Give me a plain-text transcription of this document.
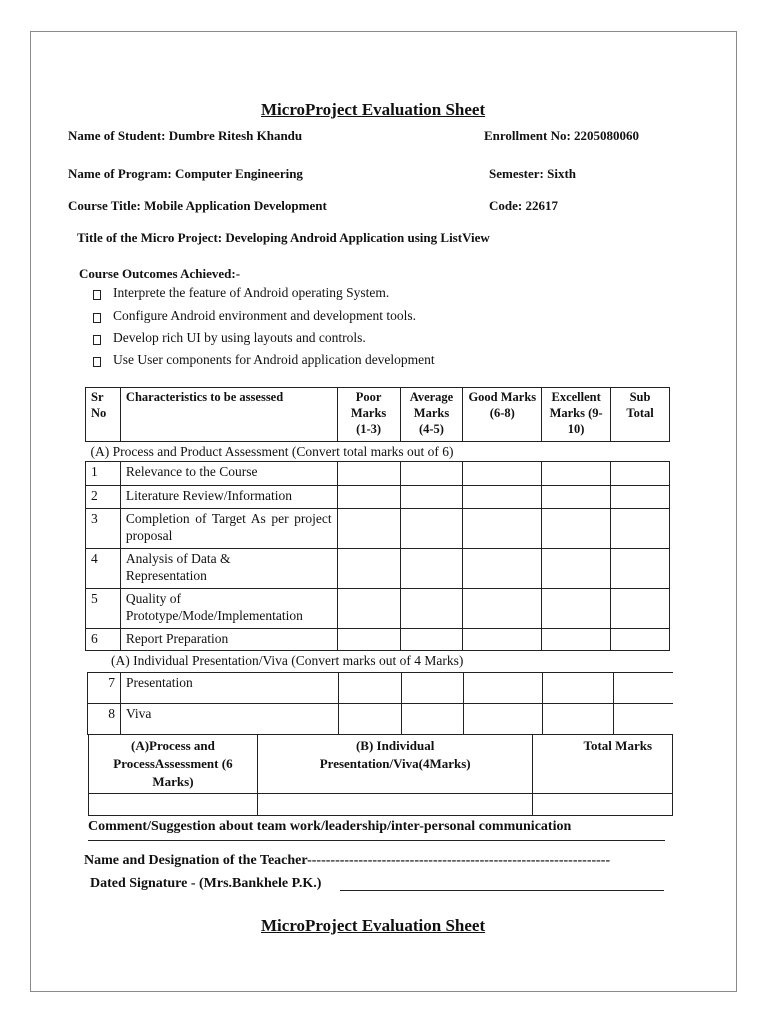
MicroProject Evaluation Sheet
Name of Student: Dumbre Ritesh Khandu	Enrollment No: 2205080060
Name of Program: Computer Engineering	Semester: Sixth
Course Title: Mobile Application Development	Code: 22617
Title of the Micro Project: Developing Android Application using ListView
Course Outcomes Achieved:-
Interprete the feature of Android operating System.
Configure Android environment and development tools.
Develop rich UI by using layouts and controls.
Use User components for Android application development
Sr No	Characteristics to be assessed	Poor Marks (1-3)	Average Marks (4-5)	Good Marks (6-8)	Excellent Marks (9-10)	Sub Total
(A) Process and Product Assessment (Convert total marks out of 6)						
1	Relevance to the Course					
2	Literature Review/Information					
3	Completion of Target As per project proposal					
4	Analysis of Data & Representation					
5	Quality of Prototype/Mode/Implementation					
6	Report Preparation					
(A) Individual Presentation/Viva (Convert marks out of 4 Marks)
7	Presentation					
8	Viva					
(A)Process and ProcessAssessment (6 Marks)	(B) Individual Presentation/Viva(4Marks)	Total Marks

Comment/Suggestion about team work/leadership/inter-personal communication
Name and Designation of the Teacher-----------------------------------------------------------------
Dated Signature - (Mrs.Bankhele P.K.)
MicroProject Evaluation Sheet
